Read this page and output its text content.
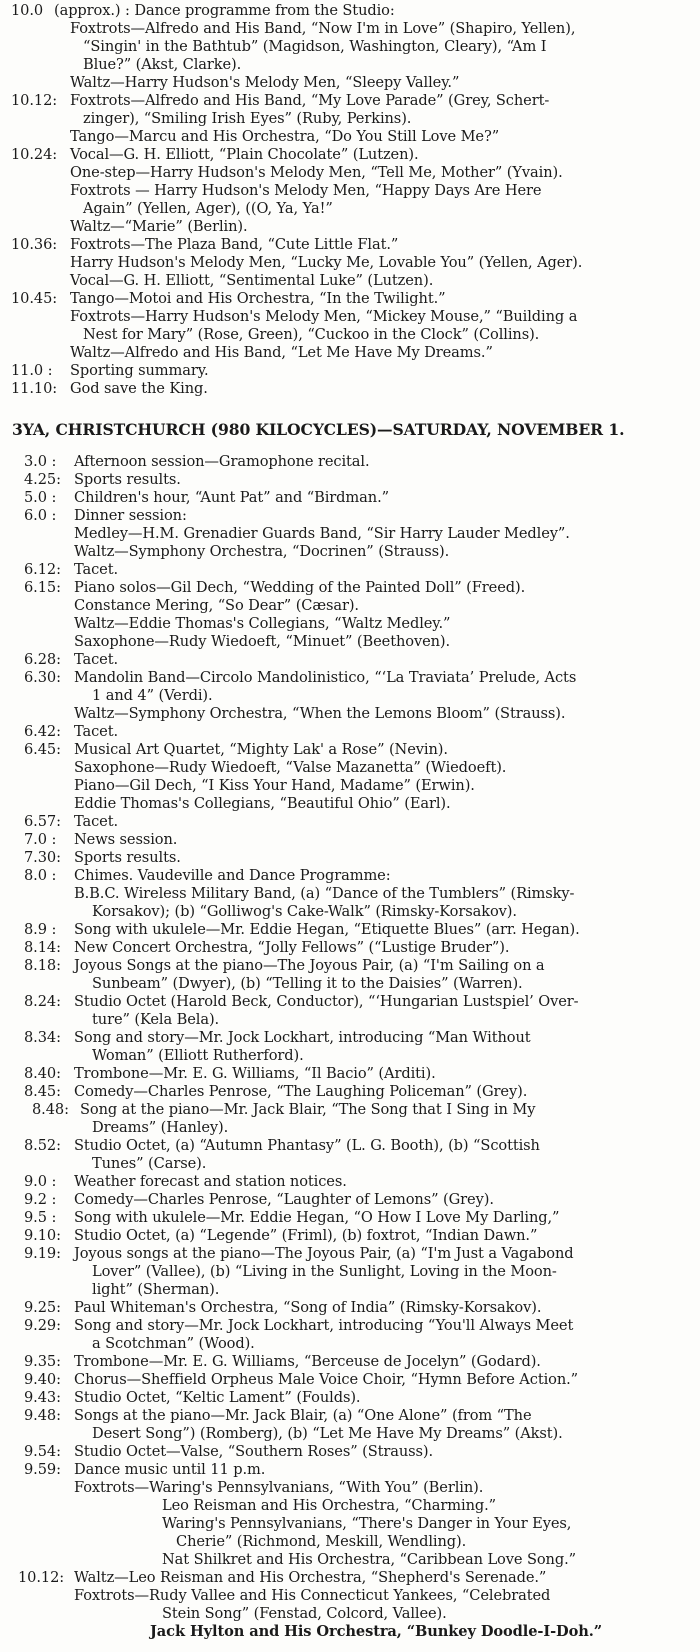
10.0 (approx.) : Dance programme from the Studio:
Foxtrots—Alfredo and His Band, “Now I'm in Love” (Shapiro, Yellen),
“Singin' in the Bathtub” (Magidson, Washington, Cleary), “Am I
Blue?” (Akst, Clarke).
Waltz—Harry Hudson's Melody Men, “Sleepy Valley.”
10.12: Foxtrots—Alfredo and His Band, “My Love Parade” (Grey, Schert-
zinger), “Smiling Irish Eyes” (Ruby, Perkins).
Tango—Marcu and His Orchestra, “Do You Still Love Me?”
10.24: Vocal—G. H. Elliott, “Plain Chocolate” (Lutzen).
One-step—Harry Hudson's Melody Men, “Tell Me, Mother” (Yvain).
Foxtrots — Harry Hudson's Melody Men, “Happy Days Are Here
Again” (Yellen, Ager), ((O, Ya, Ya!”
Waltz—“Marie” (Berlin).
10.36: Foxtrots—The Plaza Band, “Cute Little Flat.”
Harry Hudson's Melody Men, “Lucky Me, Lovable You” (Yellen, Ager).
Vocal—G. H. Elliott, “Sentimental Luke” (Lutzen).
10.45: Tango—Motoi and His Orchestra, “In the Twilight.”
Foxtrots—Harry Hudson's Melody Men, “Mickey Mouse,” “Building a
Nest for Mary” (Rose, Green), “Cuckoo in the Clock” (Collins).
Waltz—Alfredo and His Band, “Let Me Have My Dreams.”
11.0 : Sporting summary.
11.10: God save the King.
3YA, CHRISTCHURCH (980 KILOCYCLES)—SATURDAY, NOVEMBER 1.
3.0 : Afternoon session—Gramophone recital.
4.25: Sports results.
5.0 : Children's hour, “Aunt Pat” and “Birdman.”
6.0 : Dinner session:
Medley—H.M. Grenadier Guards Band, “Sir Harry Lauder Medley”.
Waltz—Symphony Orchestra, “Docrinen” (Strauss).
6.12: Tacet.
6.15: Piano solos—Gil Dech, “Wedding of the Painted Doll” (Freed).
Constance Mering, “So Dear” (Cæsar).
Waltz—Eddie Thomas's Collegians, “Waltz Medley.”
Saxophone—Rudy Wiedoeft, “Minuet” (Beethoven).
6.28: Tacet.
6.30: Mandolin Band—Circolo Mandolinistico, “‘La Traviata’ Prelude, Acts
1 and 4” (Verdi).
Waltz—Symphony Orchestra, “When the Lemons Bloom” (Strauss).
6.42: Tacet.
6.45: Musical Art Quartet, “Mighty Lak' a Rose” (Nevin).
Saxophone—Rudy Wiedoeft, “Valse Mazanetta” (Wiedoeft).
Piano—Gil Dech, “I Kiss Your Hand, Madame” (Erwin).
Eddie Thomas's Collegians, “Beautiful Ohio” (Earl).
6.57: Tacet.
7.0 : News session.
7.30: Sports results.
8.0 : Chimes. Vaudeville and Dance Programme:
B.B.C. Wireless Military Band, (a) “Dance of the Tumblers” (Rimsky-
Korsakov); (b) “Golliwog's Cake-Walk” (Rimsky-Korsakov).
8.9 : Song with ukulele—Mr. Eddie Hegan, “Etiquette Blues” (arr. Hegan).
8.14: New Concert Orchestra, “Jolly Fellows” (“Lustige Bruder”).
8.18: Joyous Songs at the piano—The Joyous Pair, (a) “I'm Sailing on a
Sunbeam” (Dwyer), (b) “Telling it to the Daisies” (Warren).
8.24: Studio Octet (Harold Beck, Conductor), “‘Hungarian Lustspiel’ Over-
ture” (Kela Bela).
8.34: Song and story—Mr. Jock Lockhart, introducing “Man Without
Woman” (Elliott Rutherford).
8.40: Trombone—Mr. E. G. Williams, “Il Bacio” (Arditi).
8.45: Comedy—Charles Penrose, “The Laughing Policeman” (Grey).
8.48: Song at the piano—Mr. Jack Blair, “The Song that I Sing in My
Dreams” (Hanley).
8.52: Studio Octet, (a) “Autumn Phantasy” (L. G. Booth), (b) “Scottish
Tunes” (Carse).
9.0 : Weather forecast and station notices.
9.2 : Comedy—Charles Penrose, “Laughter of Lemons” (Grey).
9.5 : Song with ukulele—Mr. Eddie Hegan, “O How I Love My Darling,”
9.10: Studio Octet, (a) “Legende” (Friml), (b) foxtrot, “Indian Dawn.”
9.19: Joyous songs at the piano—The Joyous Pair, (a) “I'm Just a Vagabond
Lover” (Vallee), (b) “Living in the Sunlight, Loving in the Moon-
light” (Sherman).
9.25: Paul Whiteman's Orchestra, “Song of India” (Rimsky-Korsakov).
9.29: Song and story—Mr. Jock Lockhart, introducing “You'll Always Meet
a Scotchman” (Wood).
9.35: Trombone—Mr. E. G. Williams, “Berceuse de Jocelyn” (Godard).
9.40: Chorus—Sheffield Orpheus Male Voice Choir, “Hymn Before Action.”
9.43: Studio Octet, “Keltic Lament” (Foulds).
9.48: Songs at the piano—Mr. Jack Blair, (a) “One Alone” (from “The
Desert Song”) (Romberg), (b) “Let Me Have My Dreams” (Akst).
9.54: Studio Octet—Valse, “Southern Roses” (Strauss).
9.59: Dance music until 11 p.m.
Foxtrots—Waring's Pennsylvanians, “With You” (Berlin).
Leo Reisman and His Orchestra, “Charming.”
Waring's Pennsylvanians, “There's Danger in Your Eyes,
Cherie” (Richmond, Meskill, Wendling).
Nat Shilkret and His Orchestra, “Caribbean Love Song.”
10.12: Waltz—Leo Reisman and His Orchestra, “Shepherd's Serenade.”
Foxtrots—Rudy Vallee and His Connecticut Yankees, “Celebrated
Stein Song” (Fenstad, Colcord, Vallee).
Jack Hylton and His Orchestra, “Bunkey Doodle-I-Doh.”
